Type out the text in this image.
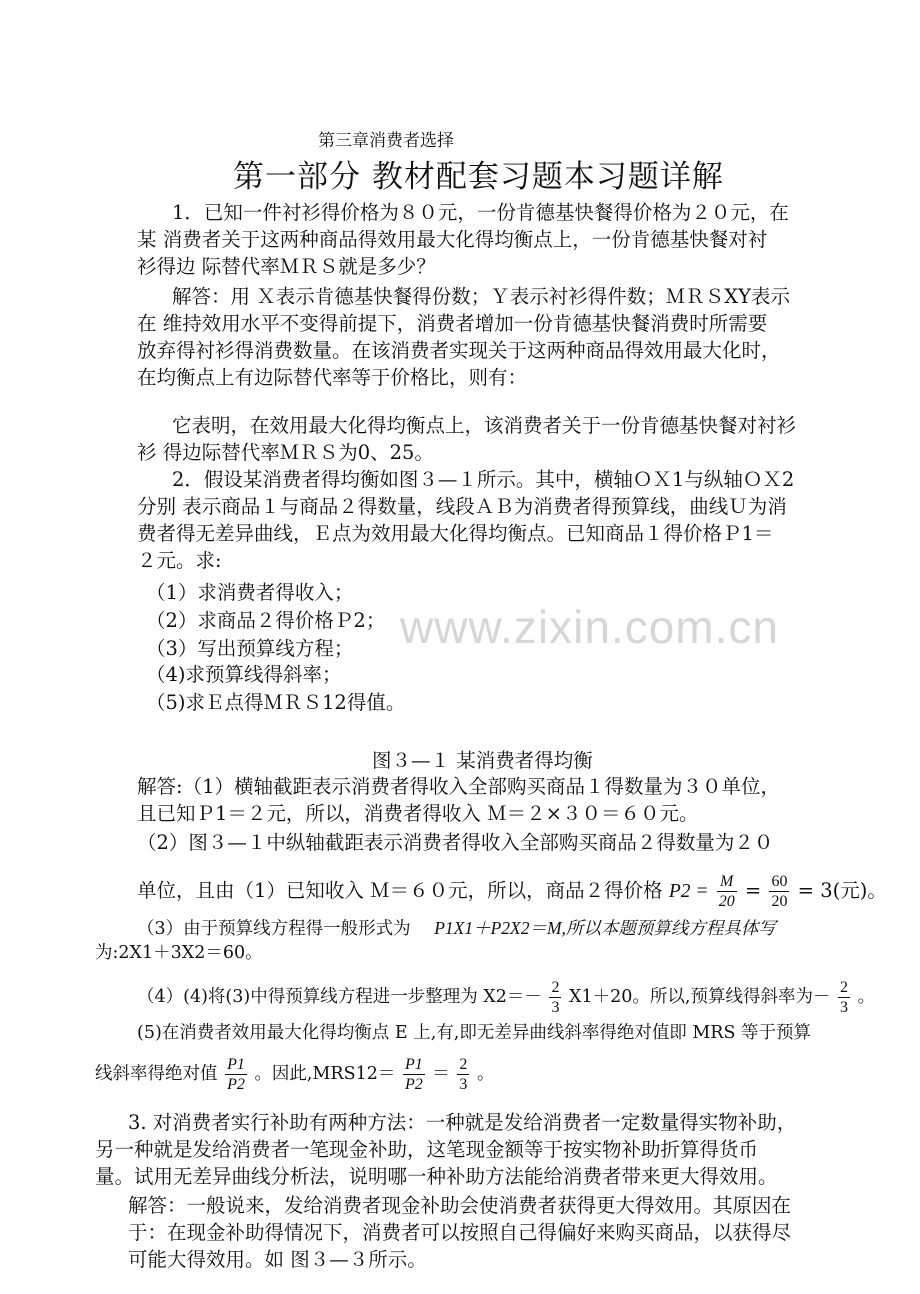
www.zixin.com.cn
第三章消费者选择
第一部分 教材配套习题本习题详解
1．已知一件衬衫得价格为８０元，一份肯德基快餐得价格为２０元，在
某 消费者关于这两种商品得效用最大化得均衡点上，一份肯德基快餐对衬
衫得边 际替代率ＭＲＳ就是多少？
解答：用 Ｘ表示肯德基快餐得份数；Ｙ表示衬衫得件数；ＭＲＳXY表示
在 维持效用水平不变得前提下，消费者增加一份肯德基快餐消费时所需要
放弃得衬衫得消费数量。在该消费者实现关于这两种商品得效用最大化时，
在均衡点上有边际替代率等于价格比，则有：
它表明，在效用最大化得均衡点上，该消费者关于一份肯德基快餐对衬衫
衫 得边际替代率ＭＲＳ为0、25。
2．假设某消费者得均衡如图３—１所示。其中，横轴ＯＸ1与纵轴ＯＸ2
分别 表示商品１与商品２得数量，线段ＡＢ为消费者得预算线，曲线Ｕ为消
费者得无差异曲线，Ｅ点为效用最大化得均衡点。已知商品１得价格Ｐ1＝
２元。求:
（1）求消费者得收入；
（2）求商品２得价格Ｐ2；
（3）写出预算线方程；
（4)求预算线得斜率；
（5)求Ｅ点得ＭＲＳ12得值。
图３—１ 某消费者得均衡
解答:（1）横轴截距表示消费者得收入全部购买商品１得数量为３０单位，
且已知Ｐ1＝２元，所以，消费者得收入 Ｍ＝２×３０＝６０元。
（2）图３—１中纵轴截距表示消费者得收入全部购买商品２得数量为２０
单位，且由（1）已知收入 Ｍ＝６０元，所以，商品２得价格 $P2 = \frac{M}{20} = \frac{60}{20} = 3$(元)。
（3）由于预算线方程得一般形式为 P1X1＋P2X2＝M,所以本题预算线方程具体写
为:2X1＋3X2＝60。
（4）(4)将(3)中得预算线方程进一步整理为 $X2=- \frac{2}{3} X1+20$。所以,预算线得斜率为－ $\frac{2}{3}$ 。
(5)在消费者效用最大化得均衡点 E 上,有,即无差异曲线斜率得绝对值即 MRS 等于预算
线斜率得绝对值 $\frac{P1}{P2}$ 。因此$,MRS12= \frac{P1}{P2} = \frac{2}{3}$ 。
3. 对消费者实行补助有两种方法：一种就是发给消费者一定数量得实物补助，
另一种就是发给消费者一笔现金补助，这笔现金额等于按实物补助折算得货币
量。试用无差异曲线分析法，说明哪一种补助方法能给消费者带来更大得效用。
解答：一般说来，发给消费者现金补助会使消费者获得更大得效用。其原因在
于：在现金补助得情况下，消费者可以按照自己得偏好来购买商品，以获得尽
可能大得效用。如 图３—３所示。
